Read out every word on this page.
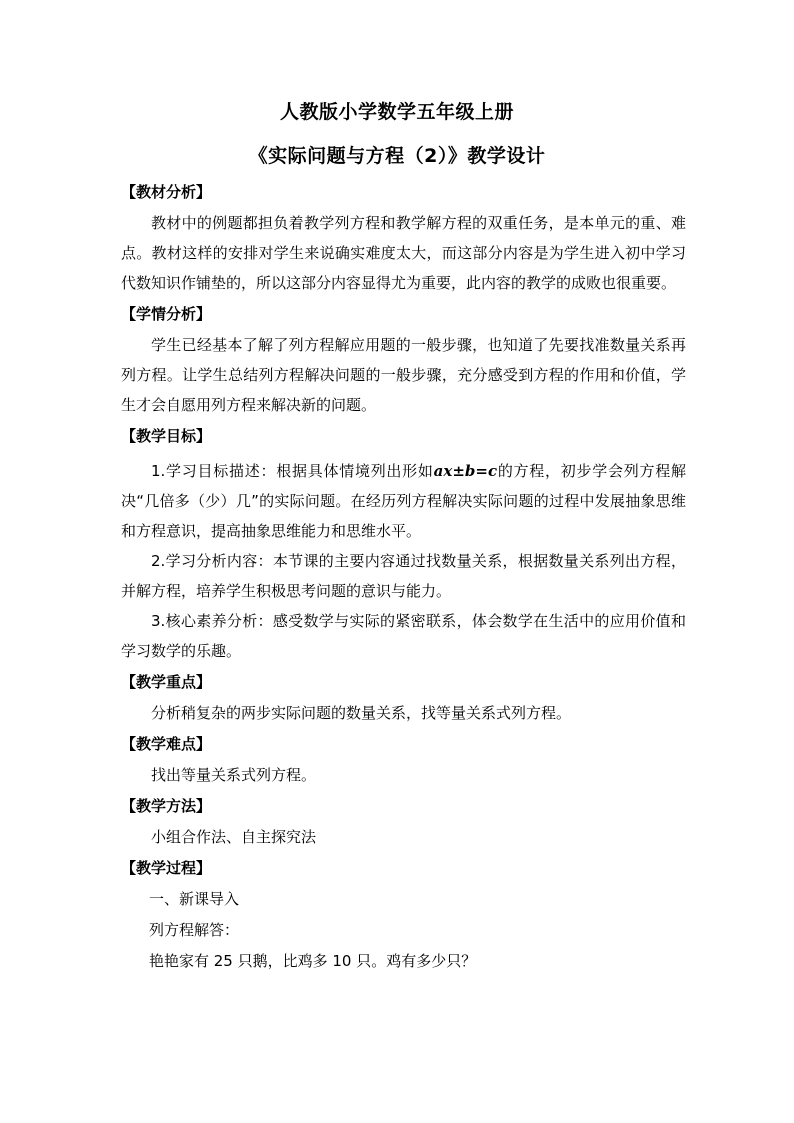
人教版小学数学五年级上册
《实际问题与方程（2）》教学设计

【教材分析】

教材中的例题都担负着教学列方程和教学解方程的双重任务，是本单元的重、难点。教材这样的安排对学生来说确实难度太大，而这部分内容是为学生进入初中学习代数知识作铺垫的，所以这部分内容显得尤为重要，此内容的教学的成败也很重要。

【学情分析】

学生已经基本了解了列方程解应用题的一般步骤，也知道了先要找准数量关系再列方程。让学生总结列方程解决问题的一般步骤，充分感受到方程的作用和价值，学生才会自愿用列方程来解决新的问题。

【教学目标】

1.学习目标描述：根据具体情境列出形如ax±b=c的方程，初步学会列方程解决“几倍多（少）几”的实际问题。在经历列方程解决实际问题的过程中发展抽象思维和方程意识，提高抽象思维能力和思维水平。

2.学习分析内容：本节课的主要内容通过找数量关系，根据数量关系列出方程，并解方程，培养学生积极思考问题的意识与能力。

3.核心素养分析：感受数学与实际的紧密联系，体会数学在生活中的应用价值和学习数学的乐趣。

【教学重点】

分析稍复杂的两步实际问题的数量关系，找等量关系式列方程。

【教学难点】

找出等量关系式列方程。

【教学方法】

小组合作法、自主探究法

【教学过程】

一、新课导入

列方程解答：

艳艳家有 25 只鹅，比鸡多 10 只。鸡有多少只？
